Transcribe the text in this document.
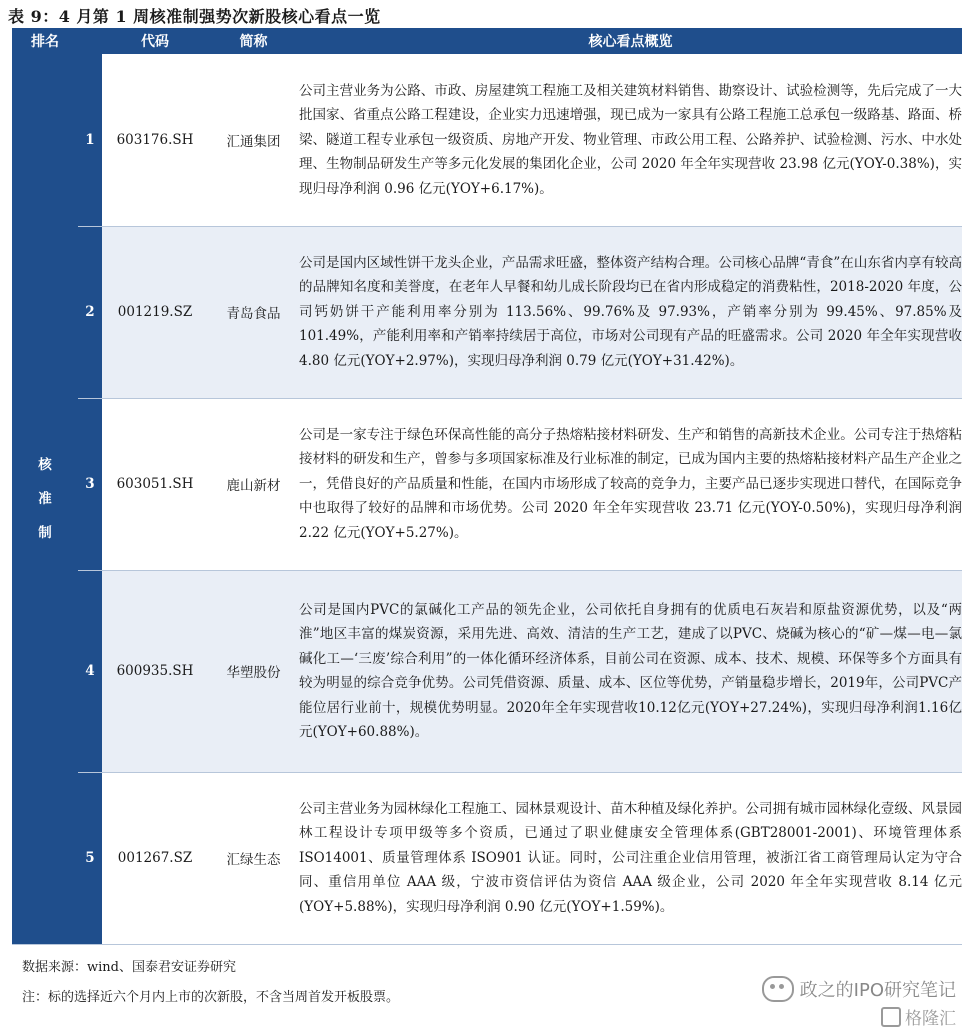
表 9：4 月第 1 周核准制强势次新股核心看点一览
排名		代码	简称	核心看点概览
核准制	1	603176.SH	汇通集团	公司主营业务为公路、市政、房屋建筑工程施工及相关建筑材料销售、勘察设计、试验检测等，先后完成了一大批国家、省重点公路工程建设，企业实力迅速增强，现已成为一家具有公路工程施工总承包一级路基、路面、桥梁、隧道工程专业承包一级资质、房地产开发、物业管理、市政公用工程、公路养护、试验检测、污水、中水处理、生物制品研发生产等多元化发展的集团化企业，公司 2020 年全年实现营收 23.98 亿元(YOY-0.38%)，实现归母净利润 0.96 亿元(YOY+6.17%)。
	2	001219.SZ	青岛食品	公司是国内区域性饼干龙头企业，产品需求旺盛，整体资产结构合理。公司核心品牌“青食”在山东省内享有较高的品牌知名度和美誉度，在老年人早餐和幼儿成长阶段均已在省内形成稳定的消费粘性，2018-2020 年度，公司钙奶饼干产能利用率分别为 113.56%、99.76%及 97.93%，产销率分别为 99.45%、97.85%及 101.49%，产能利用率和产销率持续居于高位，市场对公司现有产品的旺盛需求。公司 2020 年全年实现营收 4.80 亿元(YOY+2.97%)，实现归母净利润 0.79 亿元(YOY+31.42%)。
	3	603051.SH	鹿山新材	公司是一家专注于绿色环保高性能的高分子热熔粘接材料研发、生产和销售的高新技术企业。公司专注于热熔粘接材料的研发和生产，曾参与多项国家标准及行业标准的制定，已成为国内主要的热熔粘接材料产品生产企业之一，凭借良好的产品质量和性能，在国内市场形成了较高的竞争力，主要产品已逐步实现进口替代，在国际竞争中也取得了较好的品牌和市场优势。公司 2020 年全年实现营收 23.71 亿元(YOY-0.50%)，实现归母净利润 2.22 亿元(YOY+5.27%)。
	4	600935.SH	华塑股份	公司是国内PVC的氯碱化工产品的领先企业，公司依托自身拥有的优质电石灰岩和原盐资源优势，以及“两淮”地区丰富的煤炭资源，采用先进、高效、清洁的生产工艺，建成了以PVC、烧碱为核心的“矿—煤—电—氯碱化工—‘三废’综合利用”的一体化循环经济体系，目前公司在资源、成本、技术、规模、环保等多个方面具有较为明显的综合竞争优势。公司凭借资源、质量、成本、区位等优势，产销量稳步增长，2019年，公司PVC产能位居行业前十，规模优势明显。2020年全年实现营收10.12亿元(YOY+27.24%)，实现归母净利润1.16亿元(YOY+60.88%)。
	5	001267.SZ	汇绿生态	公司主营业务为园林绿化工程施工、园林景观设计、苗木种植及绿化养护。公司拥有城市园林绿化壹级、风景园林工程设计专项甲级等多个资质，已通过了职业健康安全管理体系(GBT28001-2001)、环境管理体系 ISO14001、质量管理体系 ISO901 认证。同时，公司注重企业信用管理，被浙江省工商管理局认定为守合同、重信用单位 AAA 级，宁波市资信评估为资信 AAA 级企业，公司 2020 年全年实现营收 8.14 亿元(YOY+5.88%)，实现归母净利润 0.90 亿元(YOY+1.59%)。
数据来源：wind、国泰君安证券研究
注：标的选择近六个月内上市的次新股，不含当周首发开板股票。	政之的IPO研究笔记
格隆汇
